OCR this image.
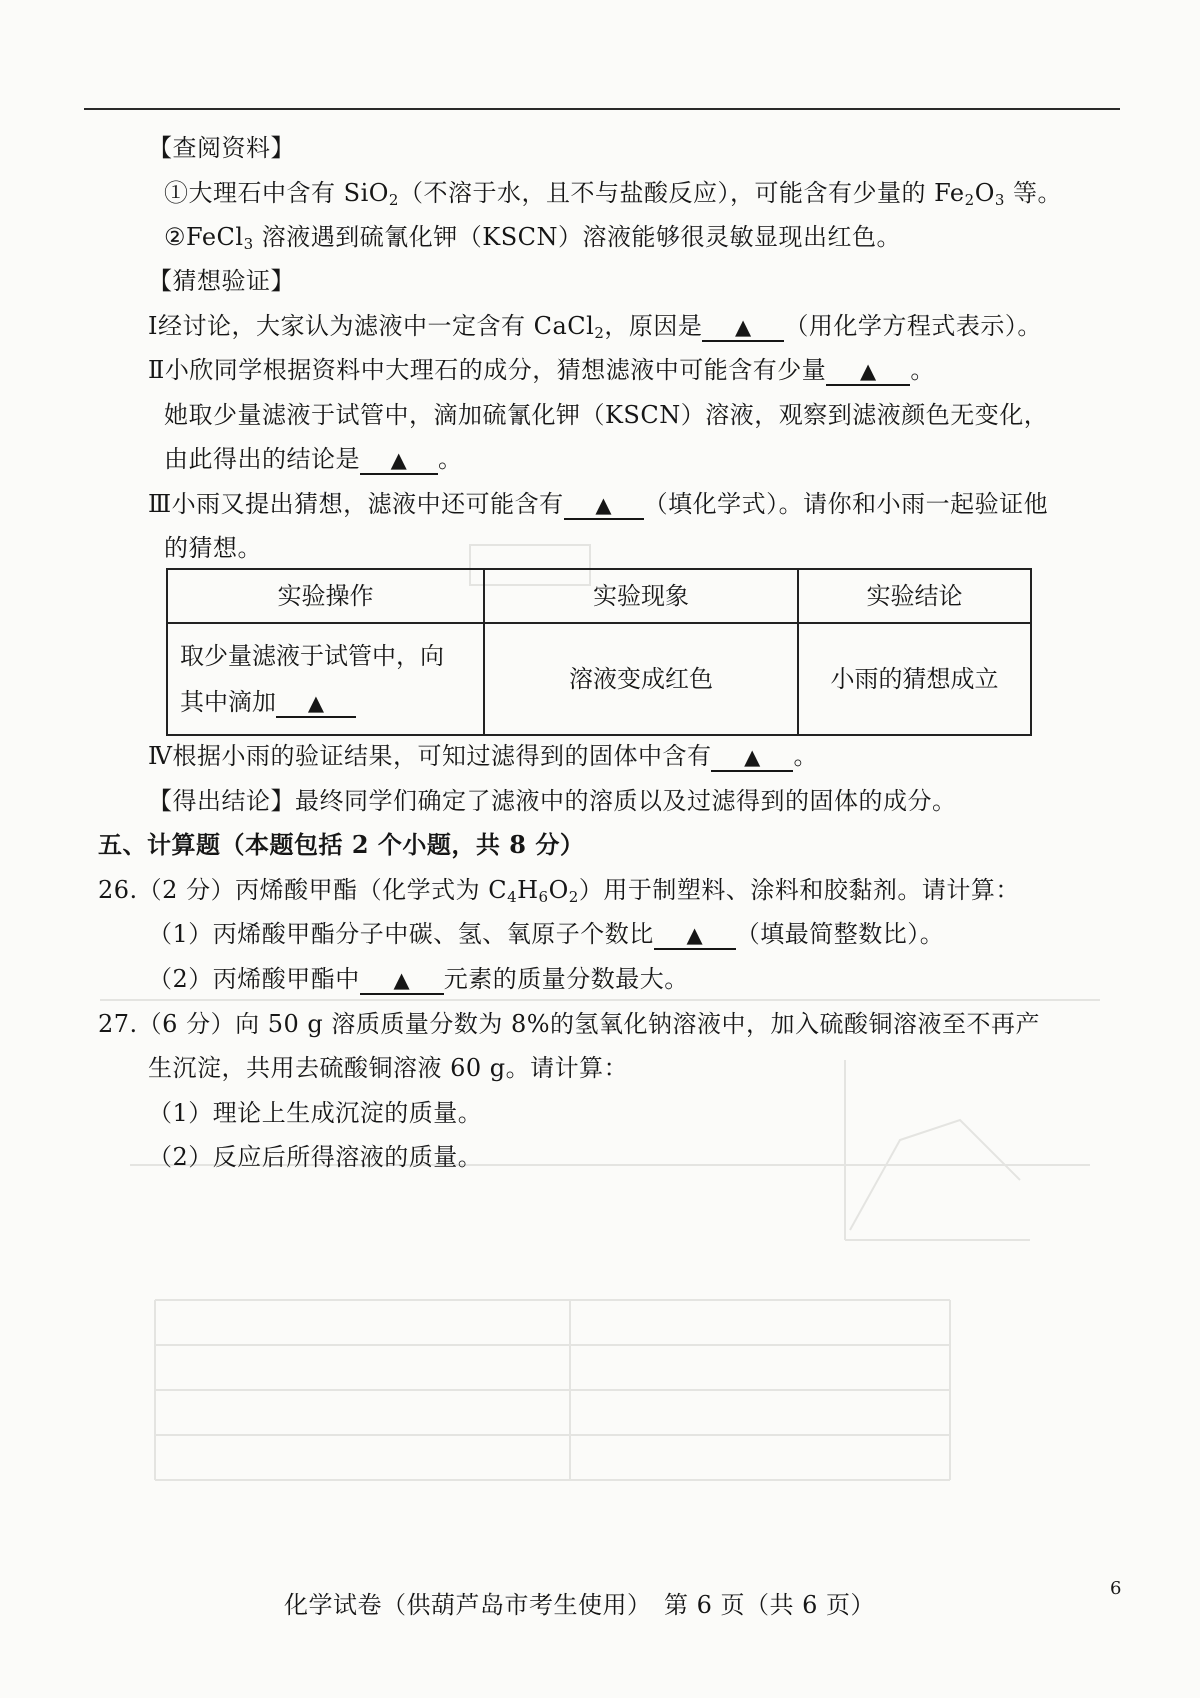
【查阅资料】
①大理石中含有 SiO$_2$（不溶于水，且不与盐酸反应），可能含有少量的 $Fe_2O_3$ 等。
②FeCl$_3$ 溶液遇到硫氰化钾（KSCN）溶液能够很灵敏显现出红色。
【猜想验证】
Ⅰ经讨论，大家认为滤液中一定含有 CaCl$_2$，原因是 ▲ （用化学方程式表示）。
Ⅱ小欣同学根据资料中大理石的成分，猜想滤液中可能含有少量 ▲ 。
她取少量滤液于试管中，滴加硫氰化钾（KSCN）溶液，观察到滤液颜色无变化，
由此得出的结论是 ▲ 。
Ⅲ小雨又提出猜想，滤液中还可能含有 ▲ （填化学式）。请你和小雨一起验证他
的猜想。
实验操作	实验现象	实验结论
取少量滤液于试管中，向
其中滴加 ▲	溶液变成红色	小雨的猜想成立
Ⅳ根据小雨的验证结果，可知过滤得到的固体中含有 ▲ 。
【得出结论】最终同学们确定了滤液中的溶质以及过滤得到的固体的成分。
五、计算题（本题包括 2 个小题，共 8 分）
26.（2 分）丙烯酸甲酯（化学式为 $C_4H_6O_2$）用于制塑料、涂料和胶黏剂。请计算：
（1）丙烯酸甲酯分子中碳、氢、氧原子个数比 ▲ （填最简整数比）。
（2）丙烯酸甲酯中 ▲ 元素的质量分数最大。
27.（6 分）向 50 g 溶质质量分数为 8%的氢氧化钠溶液中，加入硫酸铜溶液至不再产
生沉淀，共用去硫酸铜溶液 60 g。请计算：
（1）理论上生成沉淀的质量。
（2）反应后所得溶液的质量。
化学试卷（供葫芦岛市考生使用）　第 6 页（共 6 页）
6
